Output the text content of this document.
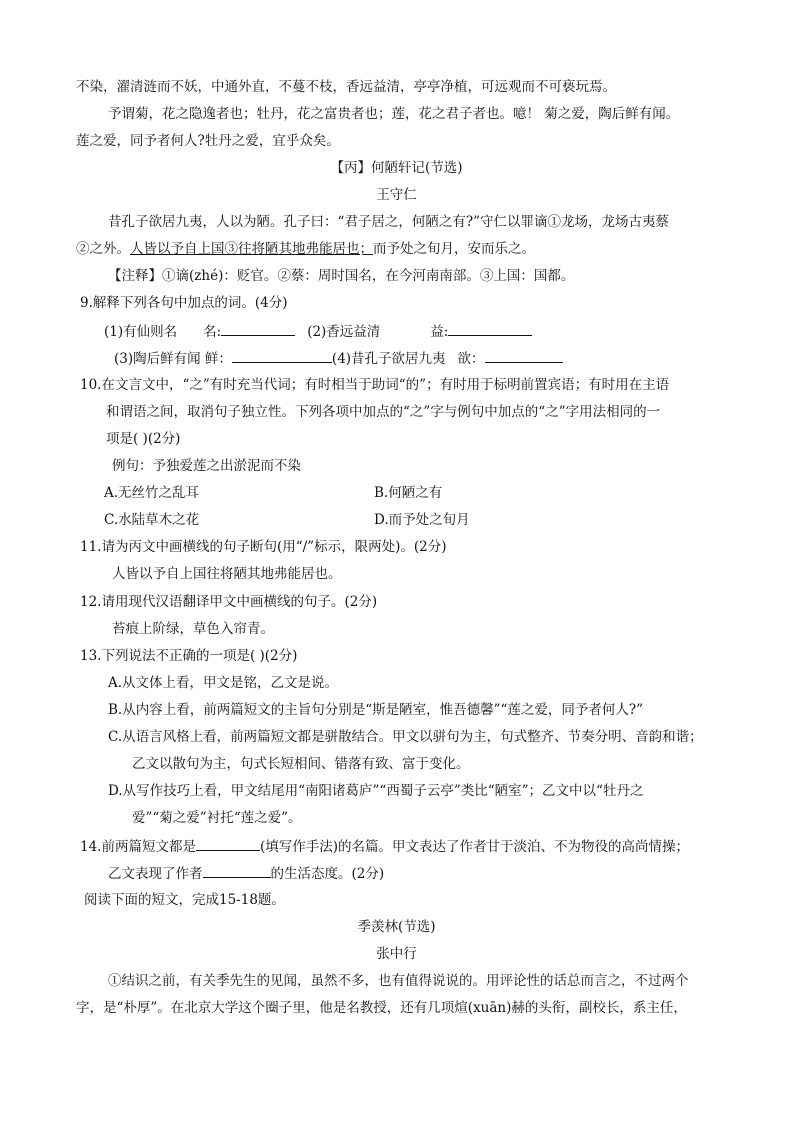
不染，濯清涟而不妖，中通外直，不蔓不枝，香远益清，亭亭净植，可远观而不可亵玩焉。
予谓菊，花之隐逸者也；牡丹，花之富贵者也；莲，花之君子者也。噫！ 菊之爱，陶后鲜有闻。
莲之爱，同予者何人?牡丹之爱，宜乎众矣。
【丙】何陋轩记(节选)
王守仁
昔孔子欲居九夷，人以为陋。孔子曰：“君子居之，何陋之有?”守仁以罪谪①龙场，龙场古夷蔡
②之外。人皆以予自上国③往将陋其地弗能居也；而予处之旬月，安而乐之。
【注释】①谪(zhé)：贬官。②蔡：周时国名，在今河南南部。③上国：国都。
9.解释下列各句中加点的词。(4分)
(1)有仙则名 名:	(2)香远益清	益:
(3)陶后鲜有闻 鲜：	(4)昔孔子欲居九夷 欲：
10.在文言文中，“之”有时充当代词；有时相当于助词“的”；有时用于标明前置宾语；有时用在主语
和谓语之间，取消句子独立性。下列各项中加点的“之”字与例句中加点的“之”字用法相同的一
项是( )(2分)
例句：予独爱莲之出淤泥而不染
A.无丝竹之乱耳	B.何陋之有
C.水陆草木之花	D.而予处之旬月
11.请为丙文中画横线的句子断句(用“/”标示，限两处)。(2分)
人皆以予自上国往将陋其地弗能居也。
12.请用现代汉语翻译甲文中画横线的句子。(2分)
苔痕上阶绿，草色入帘青。
13.下列说法不正确的一项是( )(2分)
A.从文体上看，甲文是铭，乙文是说。
B.从内容上看，前两篇短文的主旨句分别是“斯是陋室，惟吾德馨”“莲之爱，同予者何人?”
C.从语言风格上看，前两篇短文都是骈散结合。甲文以骈句为主，句式整齐、节奏分明、音韵和谐；
乙文以散句为主，句式长短相间、错落有致、富于变化。
D.从写作技巧上看，甲文结尾用“南阳诸葛庐”“西蜀子云亭”类比“陋室”；乙文中以“牡丹之
爱”“菊之爱”衬托“莲之爱”。
14.前两篇短文都是	(填写作手法)的名篇。甲文表达了作者甘于淡泊、不为物役的高尚情操；
乙文表现了作者	的生活态度。(2分)
阅读下面的短文，完成15-18题。
季羡林(节选)
张中行
①结识之前，有关季先生的见闻，虽然不多，也有值得说说的。用评论性的话总而言之，不过两个
字，是“朴厚”。在北京大学这个圈子里，他是名教授，还有几项煊(xuān)赫的头衔，副校长，系主任，
